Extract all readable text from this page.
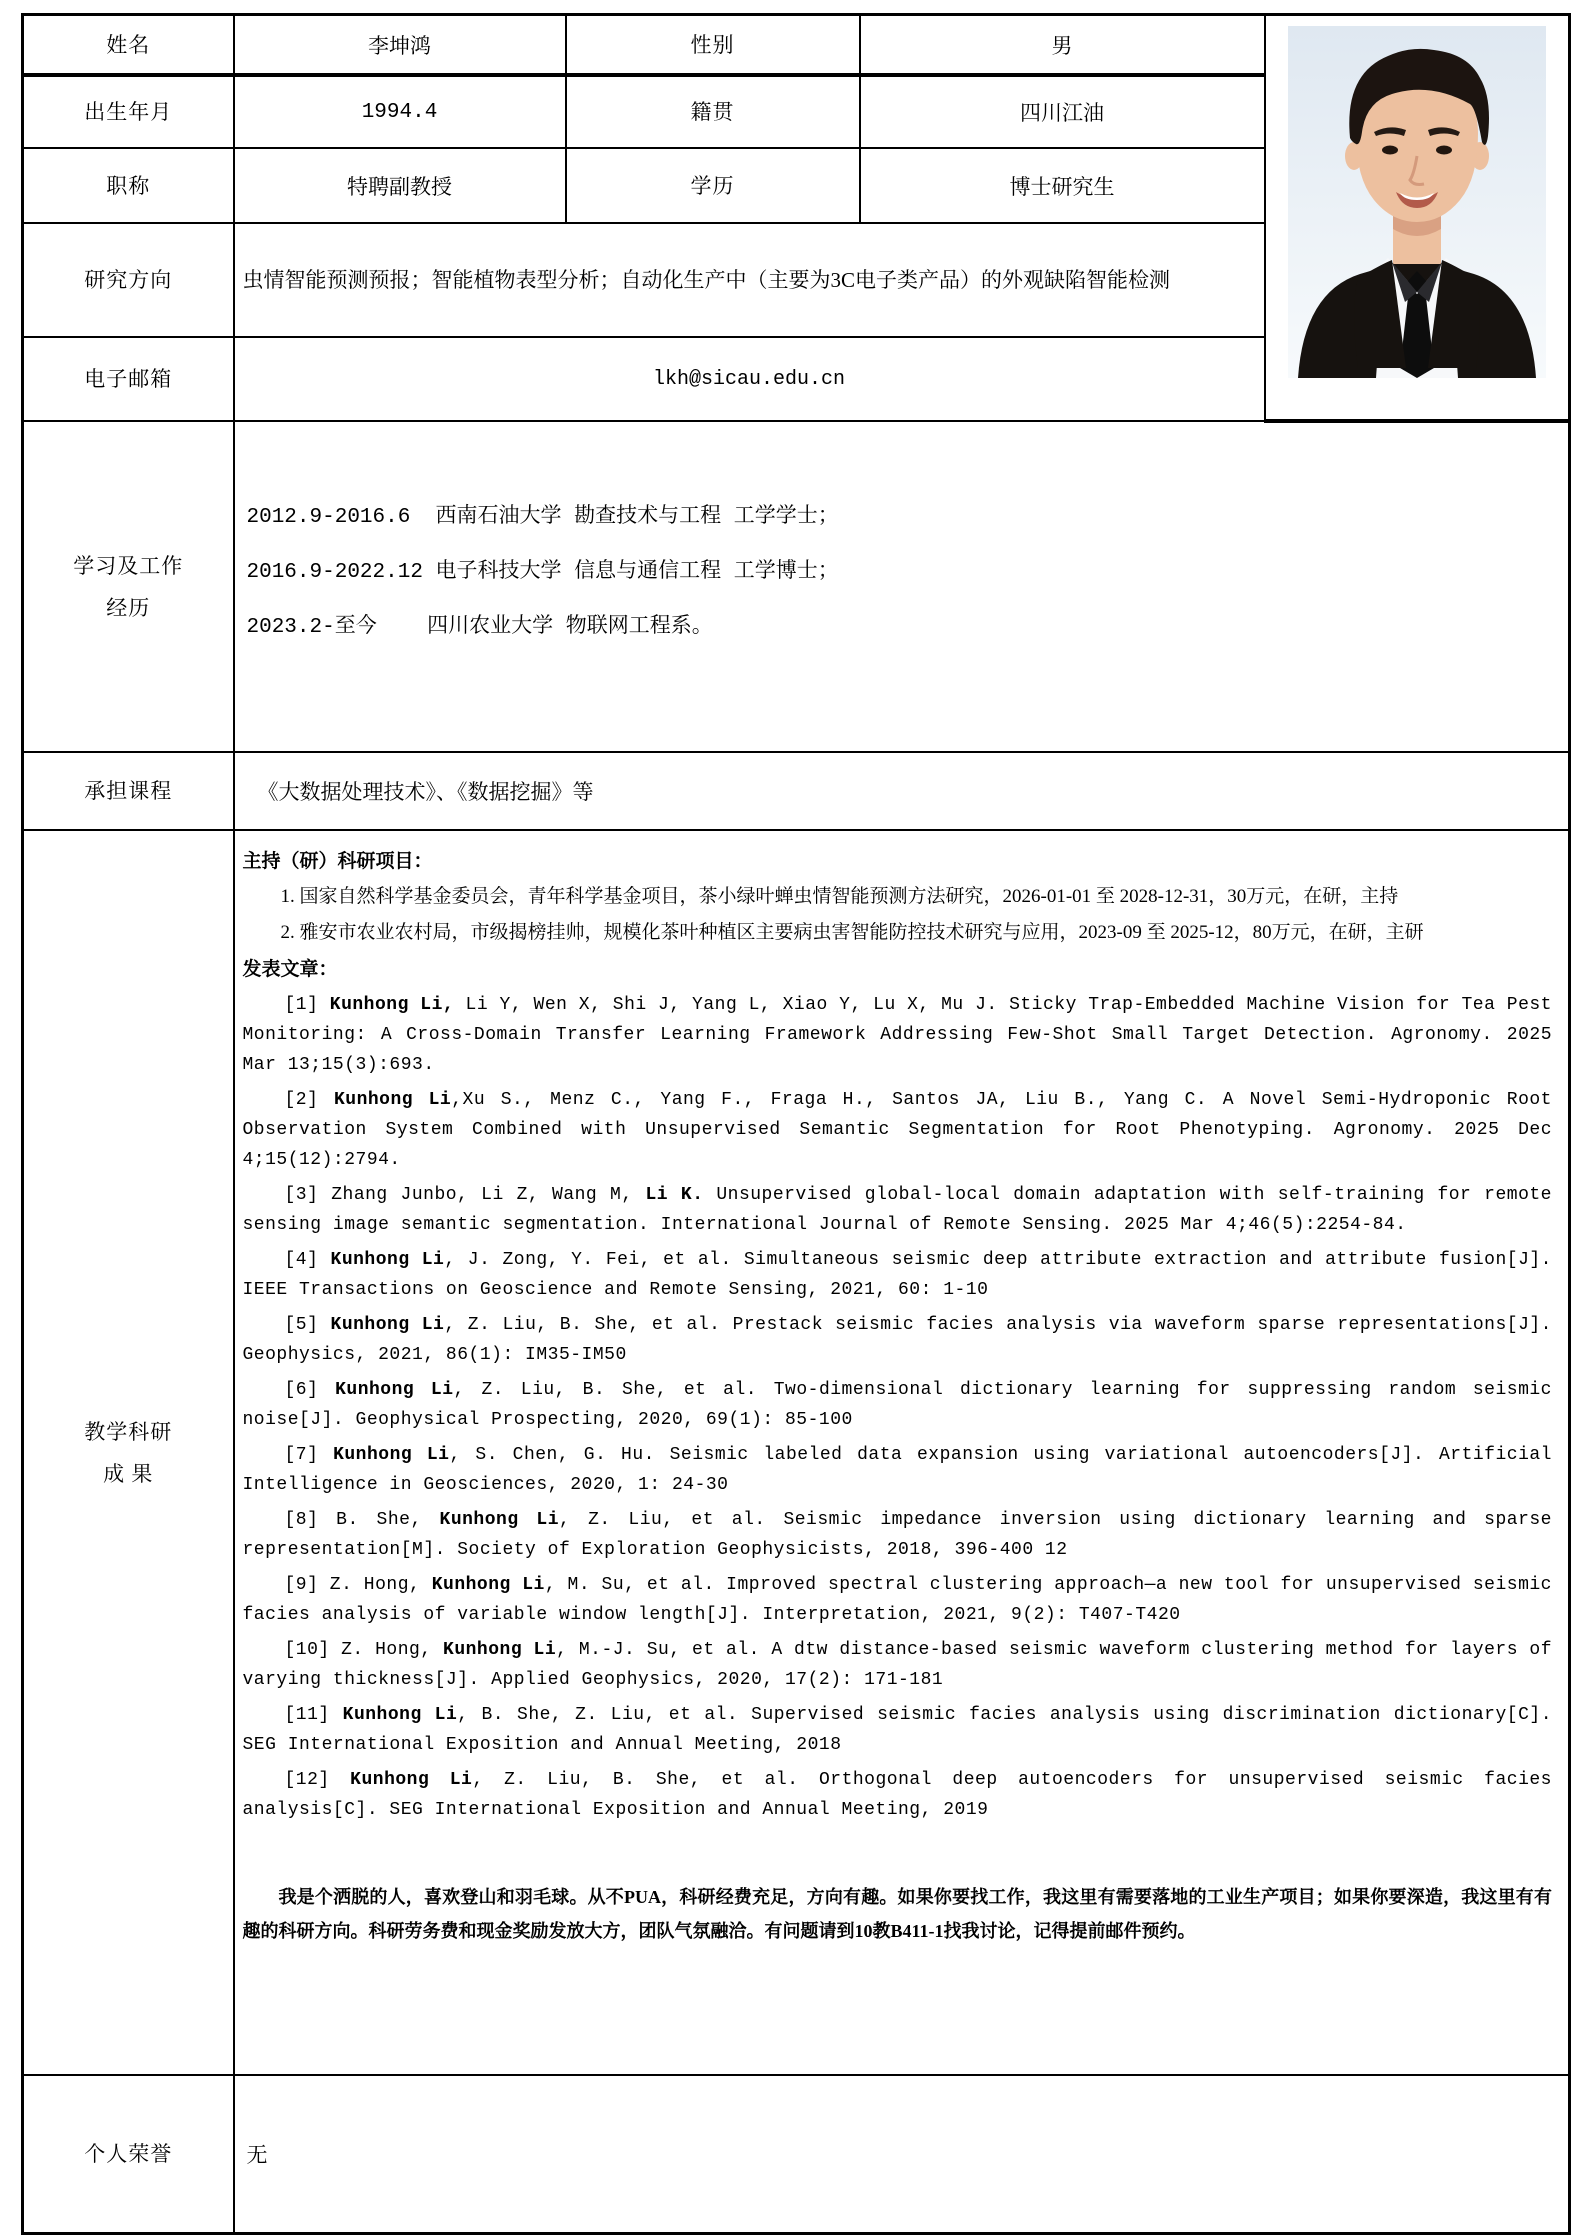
姓名	李坤鸿	性别	男	
出生年月	1994.4	籍贯	四川江油	
职称	特聘副教授	学历	博士研究生	
研究方向	虫情智能预测预报；智能植物表型分析；自动化生产中（主要为3C电子类产品）的外观缺陷智能检测			
电子邮箱	lkh@sicau.edu.cn			

学习及工作
经历

2012.9-2016.6  西南石油大学 勘查技术与工程 工学学士；
2016.9-2022.12 电子科技大学 信息与通信工程 工学博士；
2023.2-至今    四川农业大学 物联网工程系。

承担课程	《大数据处理技术》、《数据挖掘》等			

教学科研
成 果

主持（研）科研项目：

1. 国家自然科学基金委员会，青年科学基金项目，茶小绿叶蝉虫情智能预测方法研究，2026-01-01 至 2028-12-31，30万元，在研，主持

2. 雅安市农业农村局，市级揭榜挂帅，规模化茶叶种植区主要病虫害智能防控技术研究与应用，2023-09 至 2025-12，80万元，在研，主研

发表文章：

[1] Kunhong Li, Li Y, Wen X, Shi J, Yang L, Xiao Y, Lu X, Mu J. Sticky Trap-Embedded Machine Vision for Tea Pest Monitoring: A Cross-Domain Transfer Learning Framework Addressing Few-Shot Small Target Detection. Agronomy. 2025 Mar 13;15(3):693.

[2] Kunhong Li,Xu S., Menz C., Yang F., Fraga H., Santos JA, Liu B., Yang C. A Novel Semi-Hydroponic Root Observation System Combined with Unsupervised Semantic Segmentation for Root Phenotyping. Agronomy. 2025 Dec 4;15(12):2794.

[3] Zhang Junbo, Li Z, Wang M, Li K. Unsupervised global-local domain adaptation with self-training for remote sensing image semantic segmentation. International Journal of Remote Sensing. 2025 Mar 4;46(5):2254-84.

[4] Kunhong Li, J. Zong, Y. Fei, et al. Simultaneous seismic deep attribute extraction and attribute fusion[J]. IEEE Transactions on Geoscience and Remote Sensing, 2021, 60: 1-10

[5] Kunhong Li, Z. Liu, B. She, et al. Prestack seismic facies analysis via waveform sparse representations[J]. Geophysics, 2021, 86(1): IM35-IM50

[6] Kunhong Li, Z. Liu, B. She, et al. Two-dimensional dictionary learning for suppressing random seismic noise[J]. Geophysical Prospecting, 2020, 69(1): 85-100

[7] Kunhong Li, S. Chen, G. Hu. Seismic labeled data expansion using variational autoencoders[J]. Artificial Intelligence in Geosciences, 2020, 1: 24-30

[8] B. She, Kunhong Li, Z. Liu, et al. Seismic impedance inversion using dictionary learning and sparse representation[M]. Society of Exploration Geophysicists, 2018, 396-400 12

[9] Z. Hong, Kunhong Li, M. Su, et al. Improved spectral clustering approach—a new tool for unsupervised seismic facies analysis of variable window length[J]. Interpretation, 2021, 9(2): T407-T420

[10] Z. Hong, Kunhong Li, M.-J. Su, et al. A dtw distance-based seismic waveform clustering method for layers of varying thickness[J]. Applied Geophysics, 2020, 17(2): 171-181

[11] Kunhong Li, B. She, Z. Liu, et al. Supervised seismic facies analysis using discrimination dictionary[C]. SEG International Exposition and Annual Meeting, 2018

[12] Kunhong Li, Z. Liu, B. She, et al. Orthogonal deep autoencoders for unsupervised seismic facies analysis[C]. SEG International Exposition and Annual Meeting, 2019

我是个洒脱的人，喜欢登山和羽毛球。从不PUA，科研经费充足，方向有趣。如果你要找工作，我这里有需要落地的工业生产项目；如果你要深造，我这里有有趣的科研方向。科研劳务费和现金奖励发放大方，团队气氛融洽。有问题请到10教B411-1找我讨论，记得提前邮件预约。

个人荣誉	无			
